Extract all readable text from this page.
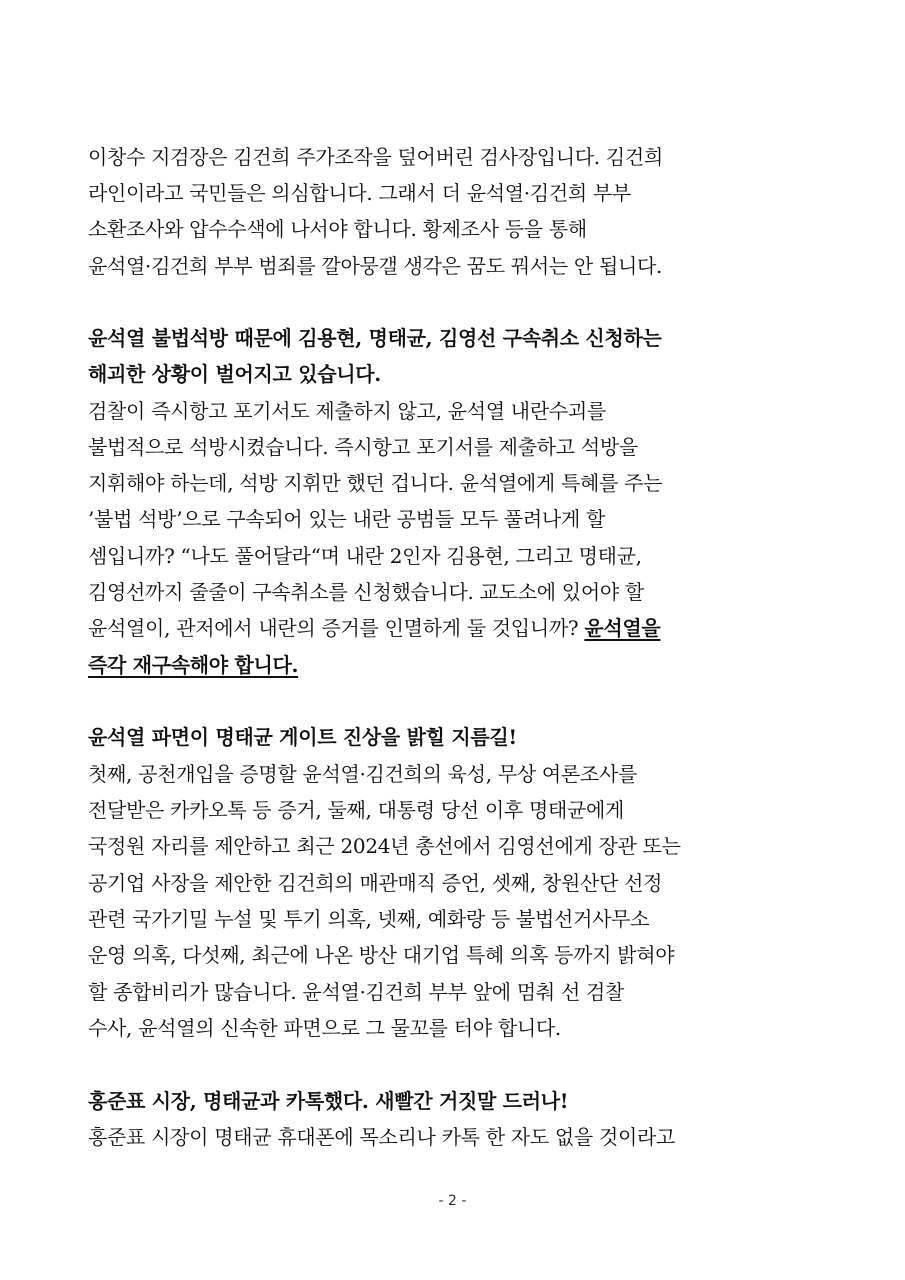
이창수 지검장은 김건희 주가조작을 덮어버린 검사장입니다. 김건희
라인이라고 국민들은 의심합니다. 그래서 더 윤석열·김건희 부부
소환조사와 압수수색에 나서야 합니다. 황제조사 등을 통해
윤석열·김건희 부부 범죄를 깔아뭉갤 생각은 꿈도 꿔서는 안 됩니다.
윤석열 불법석방 때문에 김용현, 명태균, 김영선 구속취소 신청하는
해괴한 상황이 벌어지고 있습니다.
검찰이 즉시항고 포기서도 제출하지 않고, 윤석열 내란수괴를
불법적으로 석방시켰습니다. 즉시항고 포기서를 제출하고 석방을
지휘해야 하는데, 석방 지휘만 했던 겁니다. 윤석열에게 특혜를 주는
’불법 석방’으로 구속되어 있는 내란 공범들 모두 풀려나게 할
셈입니까? “나도 풀어달라“며 내란 2인자 김용현, 그리고 명태균,
김영선까지 줄줄이 구속취소를 신청했습니다. 교도소에 있어야 할
윤석열이, 관저에서 내란의 증거를 인멸하게 둘 것입니까? 윤석열을
즉각 재구속해야 합니다.
윤석열 파면이 명태균 게이트 진상을 밝힐 지름길!
첫째, 공천개입을 증명할 윤석열·김건희의 육성, 무상 여론조사를
전달받은 카카오톡 등 증거, 둘째, 대통령 당선 이후 명태균에게
국정원 자리를 제안하고 최근 2024년 총선에서 김영선에게 장관 또는
공기업 사장을 제안한 김건희의 매관매직 증언, 셋째, 창원산단 선정
관련 국가기밀 누설 및 투기 의혹, 넷째, 예화랑 등 불법선거사무소
운영 의혹, 다섯째, 최근에 나온 방산 대기업 특혜 의혹 등까지 밝혀야
할 종합비리가 많습니다. 윤석열·김건희 부부 앞에 멈춰 선 검찰
수사, 윤석열의 신속한 파면으로 그 물꼬를 터야 합니다.
홍준표 시장, 명태균과 카톡했다. 새빨간 거짓말 드러나!
홍준표 시장이 명태균 휴대폰에 목소리나 카톡 한 자도 없을 것이라고
- 2 -
